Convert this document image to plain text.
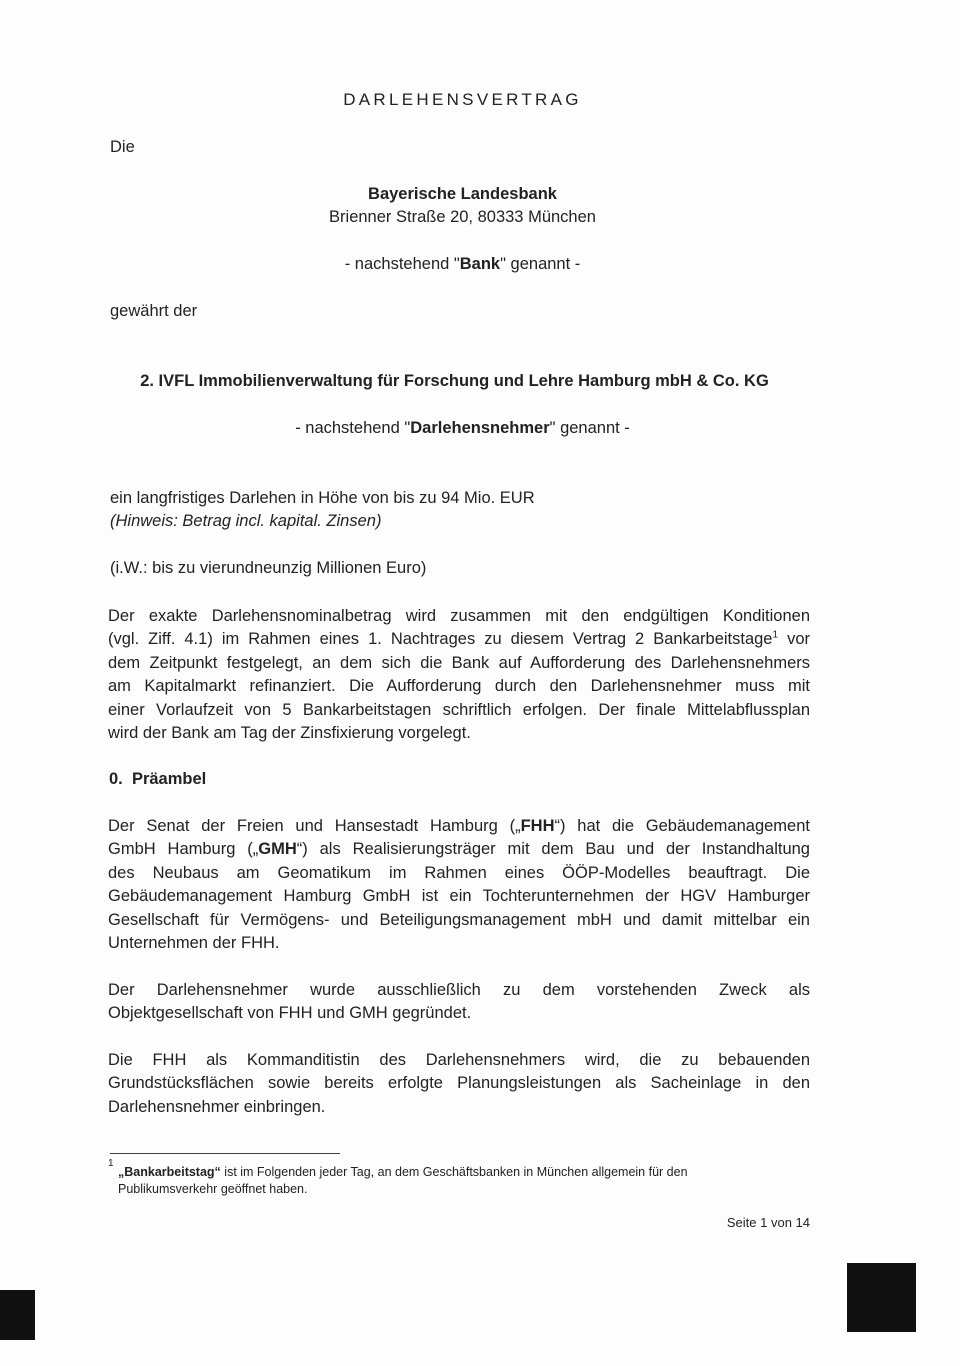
DARLEHENSVERTRAG
Die
Bayerische Landesbank
Brienner Straße 20, 80333 München
- nachstehend "Bank" genannt -
gewährt der
2. IVFL Immobilienverwaltung für Forschung und Lehre Hamburg mbH & Co. KG
- nachstehend "Darlehensnehmer" genannt -
ein langfristiges Darlehen in Höhe von bis zu 94 Mio. EUR
(Hinweis: Betrag incl. kapital. Zinsen)
(i.W.: bis zu vierundneunzig Millionen Euro)
Der exakte Darlehensnominalbetrag wird zusammen mit den endgültigen Konditionen
(vgl. Ziff. 4.1) im Rahmen eines 1. Nachtrages zu diesem Vertrag 2 Bankarbeitstage$^1$ vor
dem Zeitpunkt festgelegt, an dem sich die Bank auf Aufforderung des Darlehensnehmers
am Kapitalmarkt refinanziert. Die Aufforderung durch den Darlehensnehmer muss mit
einer Vorlaufzeit von 5 Bankarbeitstagen schriftlich erfolgen. Der finale Mittelabflussplan
wird der Bank am Tag der Zinsfixierung vorgelegt.
0. Präambel
Der Senat der Freien und Hansestadt Hamburg („FHH“) hat die Gebäudemanagement
GmbH Hamburg („GMH“) als Realisierungsträger mit dem Bau und der Instandhaltung
des Neubaus am Geomatikum im Rahmen eines ÖÖP-Modelles beauftragt. Die
Gebäudemanagement Hamburg GmbH ist ein Tochterunternehmen der HGV Hamburger
Gesellschaft für Vermögens- und Beteiligungsmanagement mbH und damit mittelbar ein
Unternehmen der FHH.
Der Darlehensnehmer wurde ausschließlich zu dem vorstehenden Zweck als
Objektgesellschaft von FHH und GMH gegründet.
Die FHH als Kommanditistin des Darlehensnehmers wird, die zu bebauenden
Grundstücksflächen sowie bereits erfolgte Planungsleistungen als Sacheinlage in den
Darlehensnehmer einbringen.
1
„Bankarbeitstag“ ist im Folgenden jeder Tag, an dem Geschäftsbanken in München allgemein für den
Publikumsverkehr geöffnet haben.
Seite 1 von 14
